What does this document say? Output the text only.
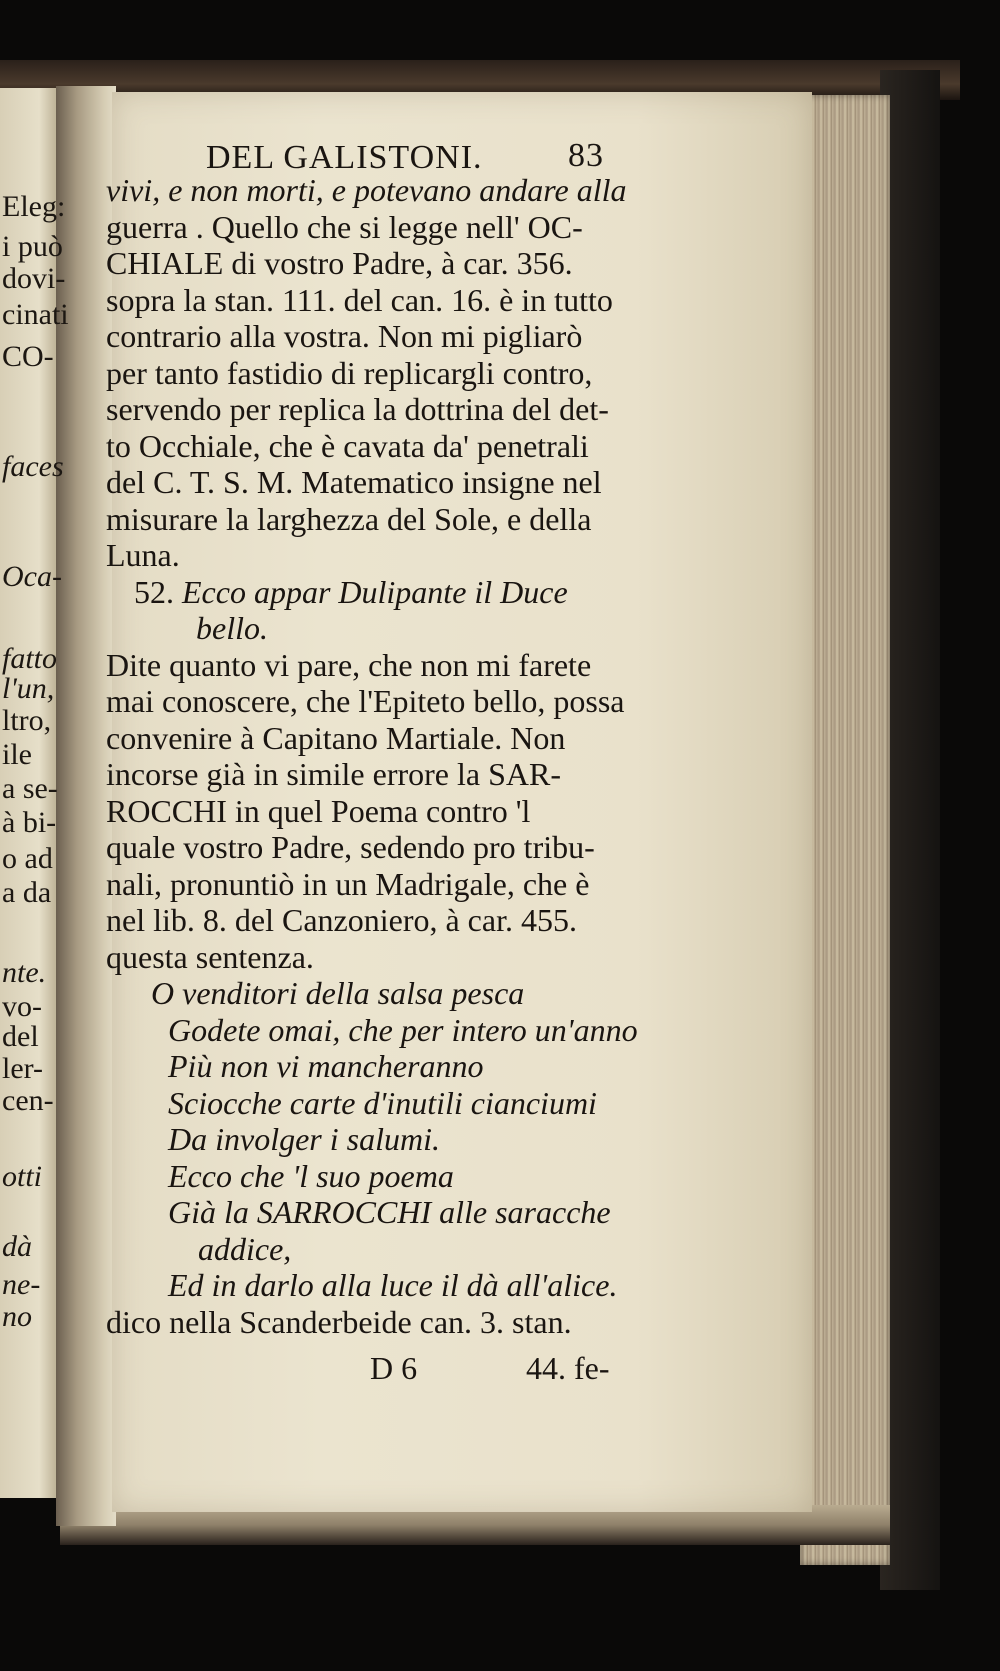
Eleg:
i può
dovi-
cinati
CO-
faces
Oca-
fatto
l'un,
ltro,
ile
a se-
à bi-
o ad
a da
nte.
vo-
del
ler-
cen-
otti
dà
ne-
no
DEL GALISTONI.	83
vivi, e non morti, e potevano andare alla
guerra . Quello che si legge nell' OC-
CHIALE di vostro Padre, à car. 356.
sopra la stan. 111. del can. 16. è in tutto
contrario alla vostra. Non mi pigliarò
per tanto fastidio di replicargli contro,
servendo per replica la dottrina del det-
to Occhiale, che è cavata da' penetrali
del C. T. S. M. Matematico insigne nel
misurare la larghezza del Sole, e della
Luna.
52. Ecco appar Dulipante il Duce
bello.
Dite quanto vi pare, che non mi farete
mai conoscere, che l'Epiteto bello, possa
convenire à Capitano Martiale. Non
incorse già in simile errore la SAR-
ROCCHI in quel Poema contro 'l
quale vostro Padre, sedendo pro tribu-
nali, pronuntiò in un Madrigale, che è
nel lib. 8. del Canzoniero, à car. 455.
questa sentenza.
O venditori della salsa pesca
Godete omai, che per intero un'anno
Più non vi mancheranno
Sciocche carte d'inutili cianciumi
Da involger i salumi.
Ecco che 'l suo poema
Già la SARROCCHI alle saracche
addice,
Ed in darlo alla luce il dà all'alice.
dico nella Scanderbeide can. 3. stan.
D 6	44. fe-
